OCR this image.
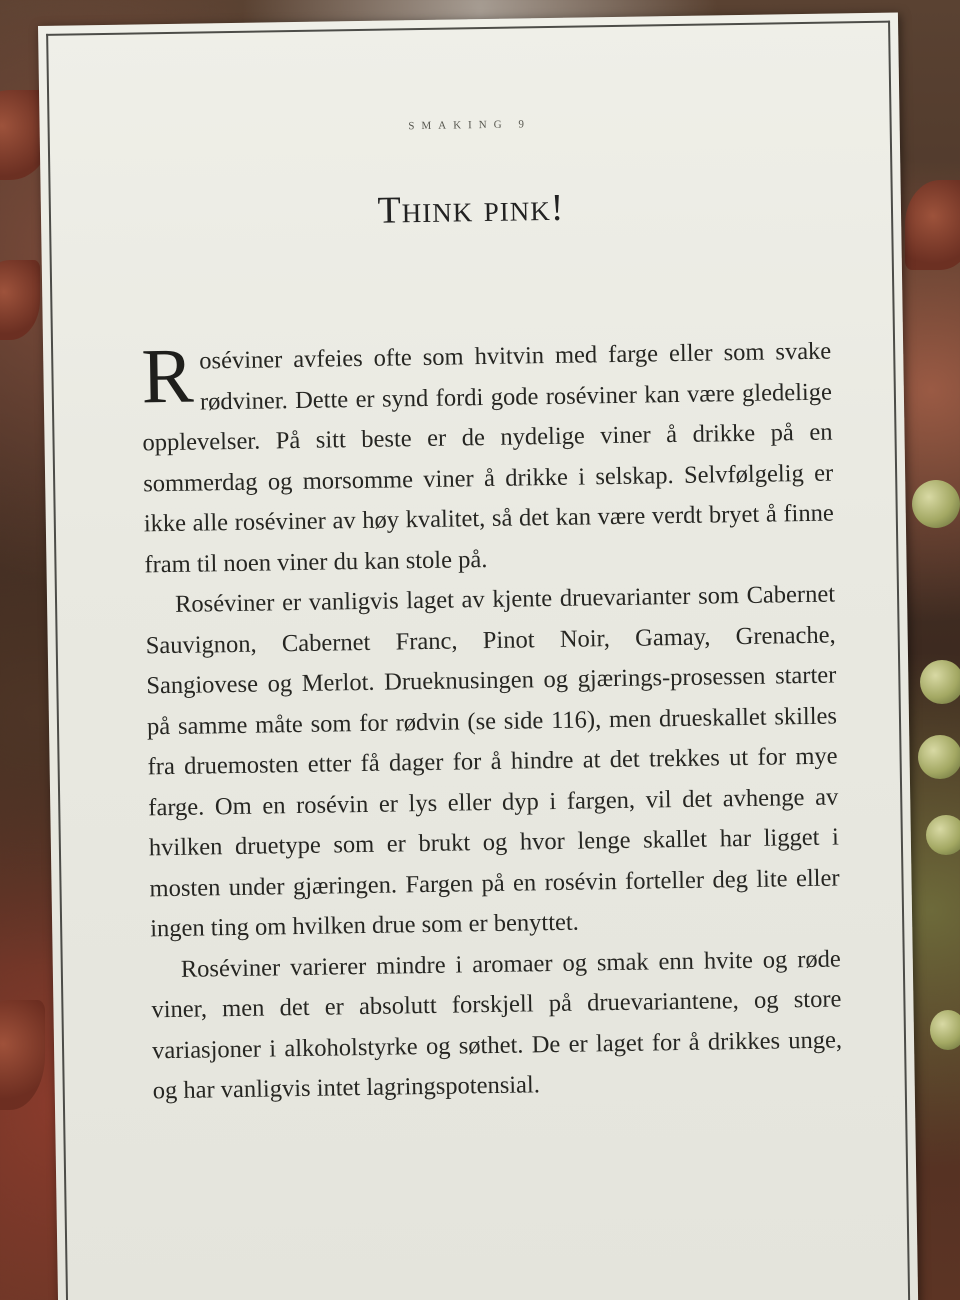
SMAKING 9
Think pink!

Roséviner avfeies ofte som hvitvin med farge eller som svake rødviner. Dette er synd fordi gode roséviner kan være gledelige opplevelser. På sitt beste er de nydelige viner å drikke på en sommerdag og morsomme viner å drikke i selskap. Selvfølgelig er ikke alle roséviner av høy kvalitet, så det kan være verdt bryet å finne fram til noen viner du kan stole på.

Roséviner er vanligvis laget av kjente druevarianter som Cabernet Sauvignon, Cabernet Franc, Pinot Noir, Gamay, Grenache, Sangiovese og Merlot. Drueknusingen og gjærings-prosessen starter på samme måte som for rødvin (se side 116), men drueskallet skilles fra druemosten etter få dager for å hindre at det trekkes ut for mye farge. Om en rosévin er lys eller dyp i fargen, vil det avhenge av hvilken druetype som er brukt og hvor lenge skallet har ligget i mosten under gjæringen. Fargen på en rosévin forteller deg lite eller ingen ting om hvilken drue som er benyttet.

Roséviner varierer mindre i aromaer og smak enn hvite og røde viner, men det er absolutt forskjell på druevariantene, og store variasjoner i alkoholstyrke og søthet. De er laget for å drikkes unge, og har vanligvis intet lagringspotensial.
